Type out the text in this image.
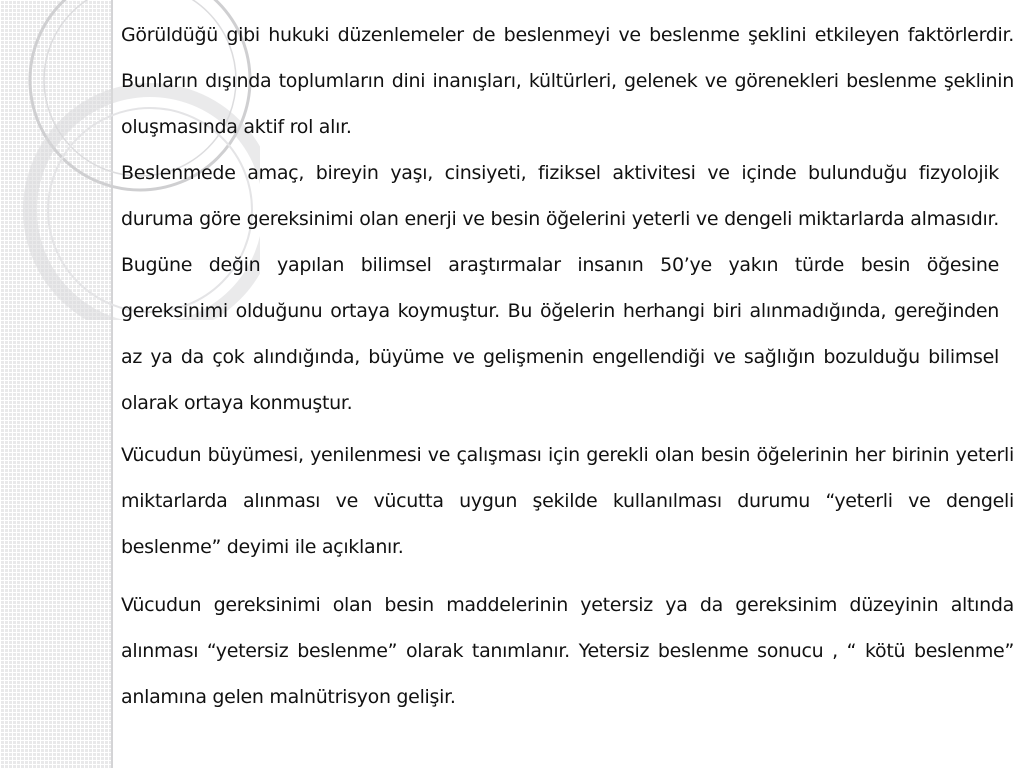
Görüldüğü gibi hukuki düzenlemeler de beslenmeyi ve beslenme şeklini etkileyen faktörlerdir. Bunların dışında toplumların dini inanışları, kültürleri, gelenek ve görenekleri beslenme şeklinin oluşmasında aktif rol alır.

Beslenmede amaç, bireyin yaşı, cinsiyeti, fiziksel aktivitesi ve içinde bulunduğu fizyolojik duruma göre gereksinimi olan enerji ve besin öğelerini yeterli ve dengeli miktarlarda almasıdır. Bugüne değin yapılan bilimsel araştırmalar insanın 50’ye yakın türde besin öğesine gereksinimi olduğunu ortaya koymuştur. Bu öğelerin herhangi biri alınmadığında, gereğinden az ya da çok alındığında, büyüme ve gelişmenin engellendiği ve sağlığın bozulduğu bilimsel olarak ortaya konmuştur.

Vücudun büyümesi, yenilenmesi ve çalışması için gerekli olan besin öğelerinin her birinin yeterli miktarlarda alınması ve vücutta uygun şekilde kullanılması durumu “yeterli ve dengeli beslenme” deyimi ile açıklanır.

Vücudun gereksinimi olan besin maddelerinin yetersiz ya da gereksinim düzeyinin altında alınması “yetersiz beslenme” olarak tanımlanır. Yetersiz beslenme sonucu , “ kötü beslenme” anlamına gelen malnütrisyon gelişir.
